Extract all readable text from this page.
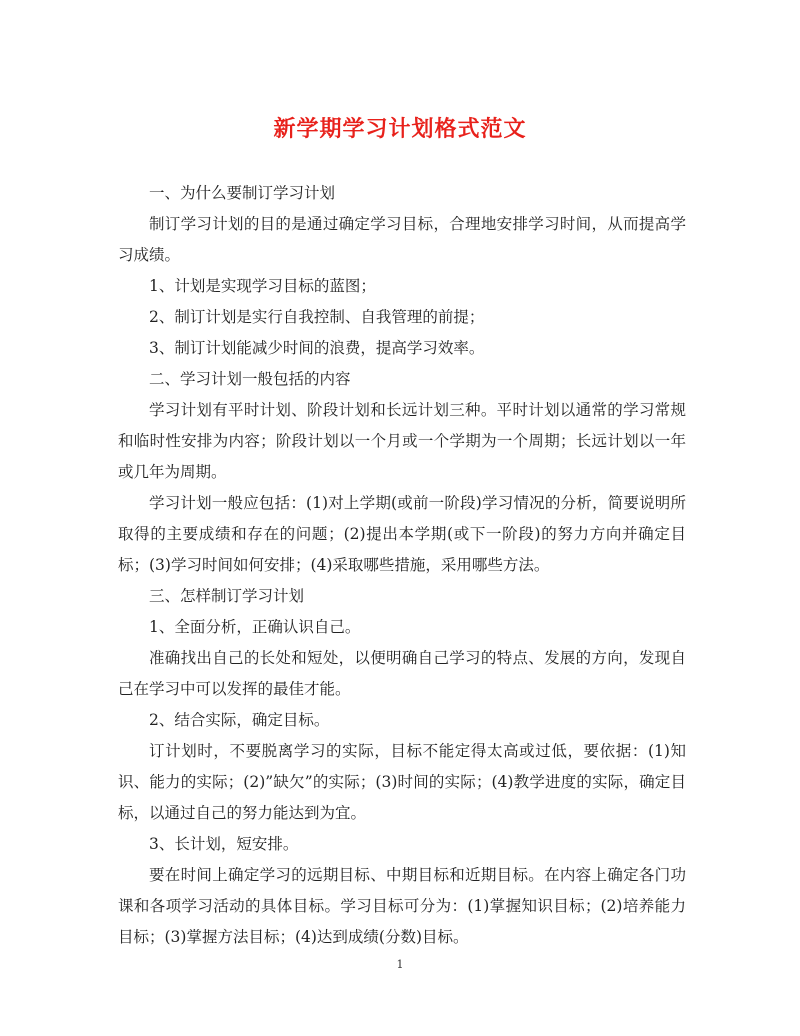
新学期学习计划格式范文

一、为什么要制订学习计划

制订学习计划的目的是通过确定学习目标，合理地安排学习时间，从而提高学习成绩。

1、计划是实现学习目标的蓝图；

2、制订计划是实行自我控制、自我管理的前提；

3、制订计划能减少时间的浪费，提高学习效率。

二、学习计划一般包括的内容

学习计划有平时计划、阶段计划和长远计划三种。平时计划以通常的学习常规和临时性安排为内容；阶段计划以一个月或一个学期为一个周期；长远计划以一年或几年为周期。

学习计划一般应包括：(1)对上学期(或前一阶段)学习情况的分析，简要说明所取得的主要成绩和存在的问题；(2)提出本学期(或下一阶段)的努力方向并确定目标；(3)学习时间如何安排；(4)采取哪些措施，采用哪些方法。

三、怎样制订学习计划

1、全面分析，正确认识自己。

准确找出自己的长处和短处，以便明确自己学习的特点、发展的方向，发现自己在学习中可以发挥的最佳才能。

2、结合实际，确定目标。

订计划时，不要脱离学习的实际，目标不能定得太高或过低，要依据：(1)知识、能力的实际；(2)”缺欠”的实际；(3)时间的实际；(4)教学进度的实际，确定目标，以通过自己的努力能达到为宜。

3、长计划，短安排。

要在时间上确定学习的远期目标、中期目标和近期目标。在内容上确定各门功课和各项学习活动的具体目标。学习目标可分为：(1)掌握知识目标；(2)培养能力目标；(3)掌握方法目标；(4)达到成绩(分数)目标。

1
